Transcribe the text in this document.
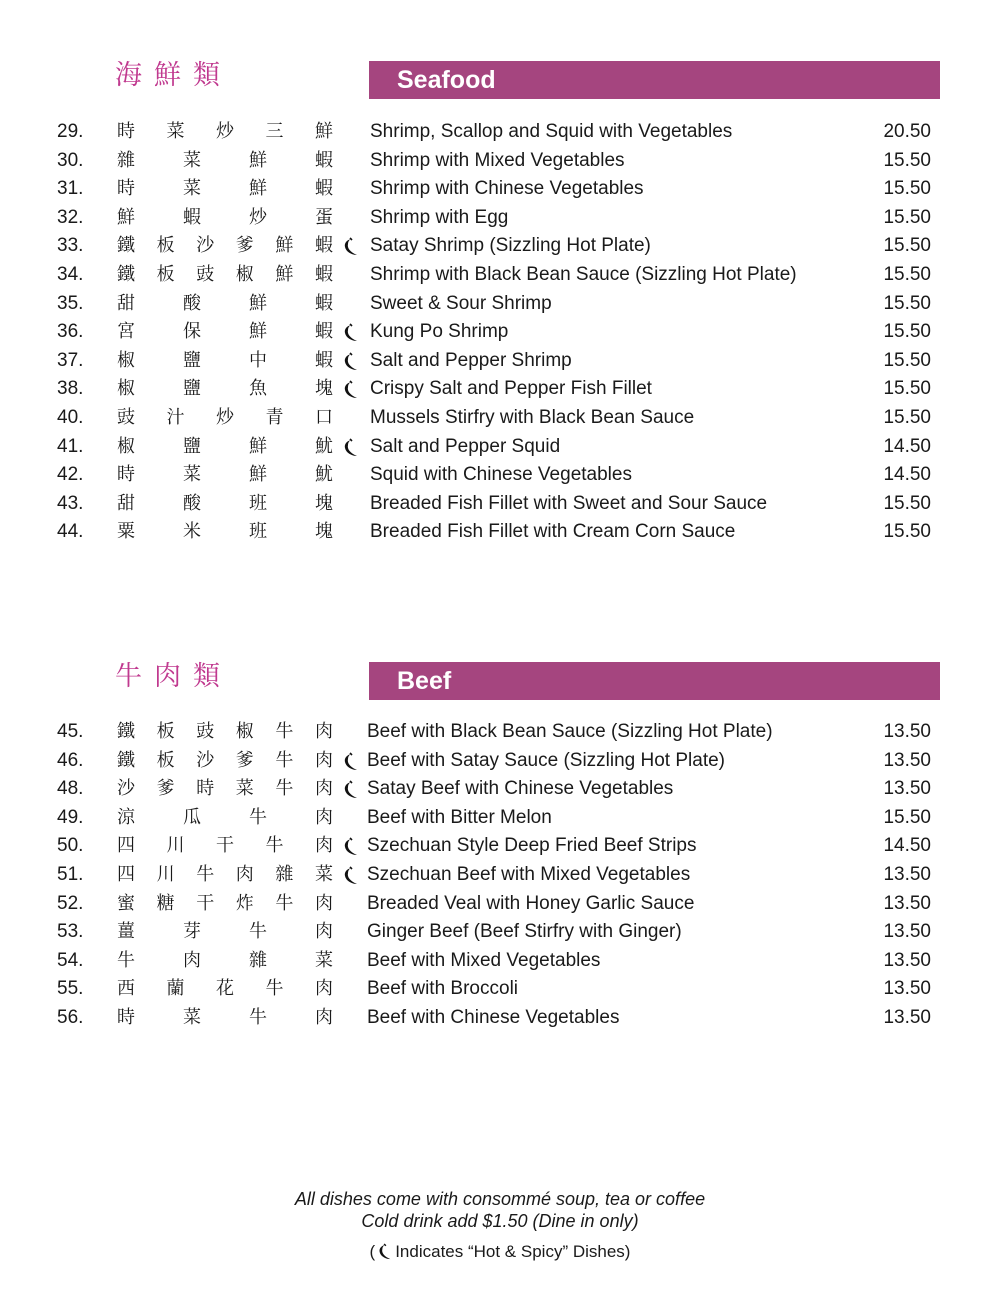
海鮮類	Seafood
29. 時 菜 炒 三 鮮 Shrimp, Scallop and Squid with Vegetables	20.50
30. 雜	菜	鮮	蝦 Shrimp with Mixed Vegetables	15.50
31. 時	菜	鮮	蝦 Shrimp with Chinese Vegetables	15.50
32. 鮮	蝦	炒	蛋 Shrimp with Egg	15.50
33. 鐵 板 沙 爹 鮮 蝦 Satay Shrimp (Sizzling Hot Plate)	15.50
34. 鐵 板 豉 椒 鮮 蝦 Shrimp with Black Bean Sauce (Sizzling Hot Plate)	15.50
35. 甜	酸	鮮	蝦 Sweet & Sour Shrimp	15.50
36. 宮	保	鮮	蝦 Kung Po Shrimp	15.50
37. 椒	鹽	中	蝦 Salt and Pepper Shrimp	15.50
38. 椒	鹽	魚	塊 Crispy Salt and Pepper Fish Fillet	15.50
40. 豉 汁 炒 青 口 Mussels Stirfry with Black Bean Sauce	15.50
41. 椒	鹽	鮮	魷 Salt and Pepper Squid	14.50
42. 時	菜	鮮	魷 Squid with Chinese Vegetables	14.50
43. 甜	酸	班	塊 Breaded Fish Fillet with Sweet and Sour Sauce	15.50
44. 粟	米	班	塊 Breaded Fish Fillet with Cream Corn Sauce	15.50
牛肉類	Beef
45. 鐵 板 豉 椒 牛 肉 Beef with Black Bean Sauce (Sizzling Hot Plate)	13.50
46. 鐵 板 沙 爹 牛 肉 Beef with Satay Sauce (Sizzling Hot Plate)	13.50
48. 沙 爹 時 菜 牛 肉 Satay Beef with Chinese Vegetables	13.50
49. 涼	瓜	牛	肉 Beef with Bitter Melon	15.50
50. 四 川 干 牛 肉 Szechuan Style Deep Fried Beef Strips	14.50
51. 四 川 牛 肉 雜 菜 Szechuan Beef with Mixed Vegetables	13.50
52. 蜜 糖 干 炸 牛 肉 Breaded Veal with Honey Garlic Sauce	13.50
53. 薑	芽	牛	肉 Ginger Beef (Beef Stirfry with Ginger)	13.50
54. 牛	肉	雜	菜 Beef with Mixed Vegetables	13.50
55. 西 蘭 花 牛 肉 Beef with Broccoli	13.50
56. 時	菜	牛	肉 Beef with Chinese Vegetables	13.50
All dishes come with consommé soup, tea or coffee
Cold drink add $1.50 (Dine in only)
( Indicates “Hot & Spicy” Dishes)
